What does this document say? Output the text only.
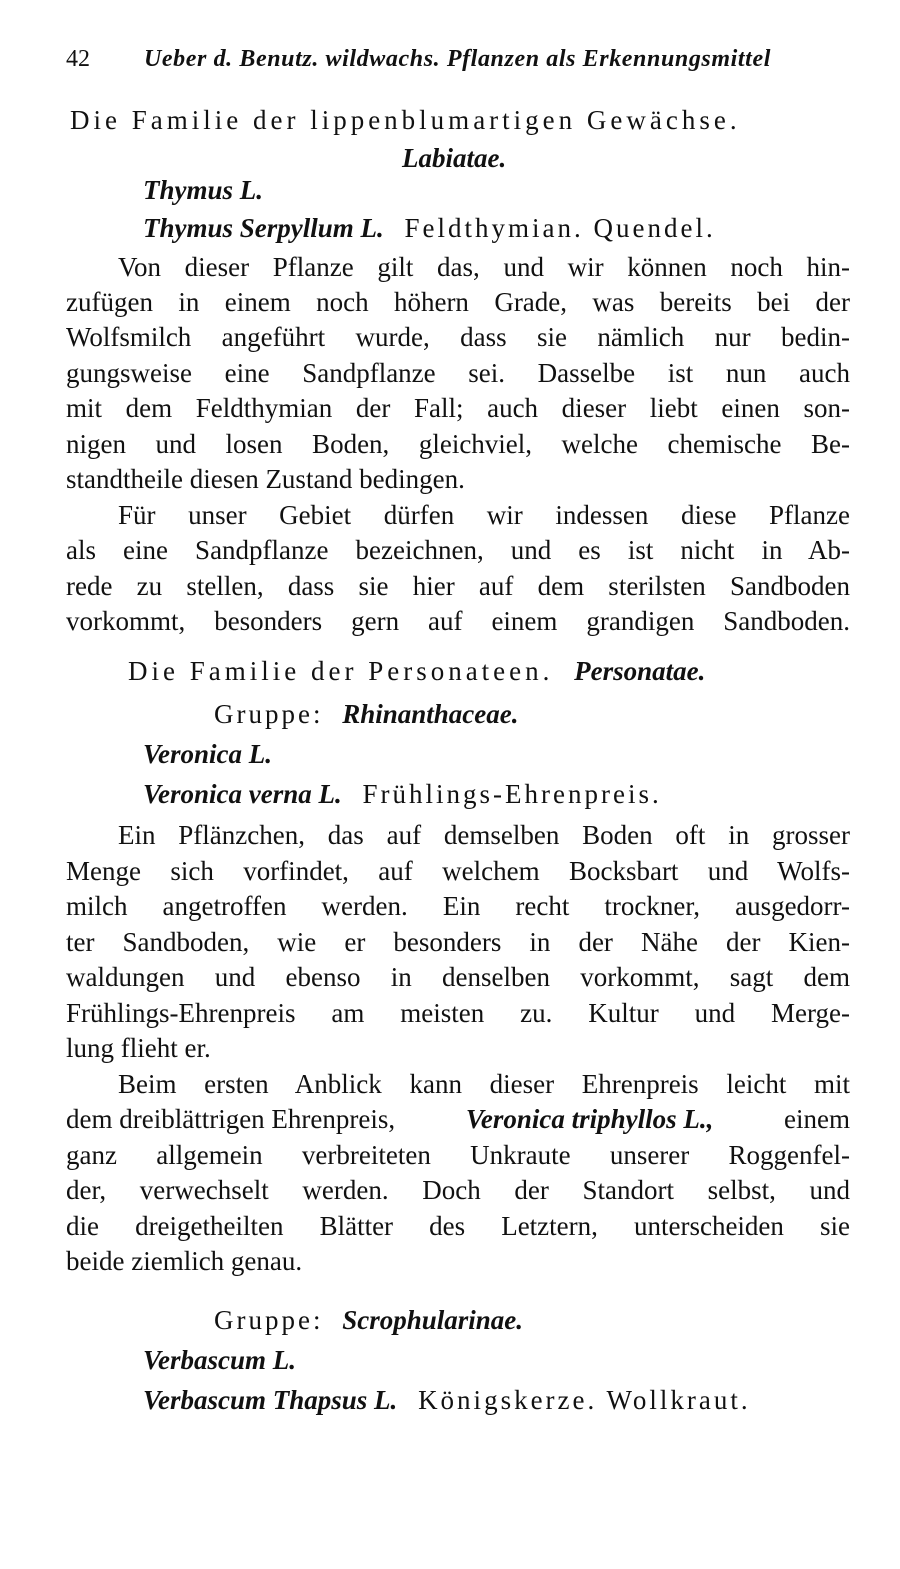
42 Ueber d. Benutz. wildwachs. Pflanzen als Erkennungsmittel
Die Familie der lippenblumartigen Gewächse.
Labiatae.
Thymus L.
Thymus Serpyllum L. Feldthymian. Quendel.
Von dieser Pflanze gilt das, und wir können noch hin-
zufügen in einem noch höhern Grade, was bereits bei der
Wolfsmilch angeführt wurde, dass sie nämlich nur bedin-
gungsweise eine Sandpflanze sei. Dasselbe ist nun auch
mit dem Feldthymian der Fall; auch dieser liebt einen son-
nigen und losen Boden, gleichviel, welche chemische Be-
standtheile diesen Zustand bedingen.
Für unser Gebiet dürfen wir indessen diese Pflanze
als eine Sandpflanze bezeichnen, und es ist nicht in Ab-
rede zu stellen, dass sie hier auf dem sterilsten Sandboden
vorkommt, besonders gern auf einem grandigen Sandboden.
Die Familie der Personateen. Personatae.
Gruppe: Rhinanthaceae.
Veronica L.
Veronica verna L. Frühlings-Ehrenpreis.
Ein Pflänzchen, das auf demselben Boden oft in grosser
Menge sich vorfindet, auf welchem Bocksbart und Wolfs-
milch angetroffen werden. Ein recht trockner, ausgedorr-
ter Sandboden, wie er besonders in der Nähe der Kien-
waldungen und ebenso in denselben vorkommt, sagt dem
Frühlings-Ehrenpreis am meisten zu. Kultur und Merge-
lung flieht er.
Beim ersten Anblick kann dieser Ehrenpreis leicht mit
dem dreiblättrigen Ehrenpreis,	Veronica triphyllos L.,	einem
ganz allgemein verbreiteten Unkraute unserer Roggenfel-
der, verwechselt werden. Doch der Standort selbst, und
die dreigetheilten Blätter des Letztern, unterscheiden sie
beide ziemlich genau.
Gruppe: Scrophularinae.
Verbascum L.
Verbascum Thapsus L. Königskerze. Wollkraut.
